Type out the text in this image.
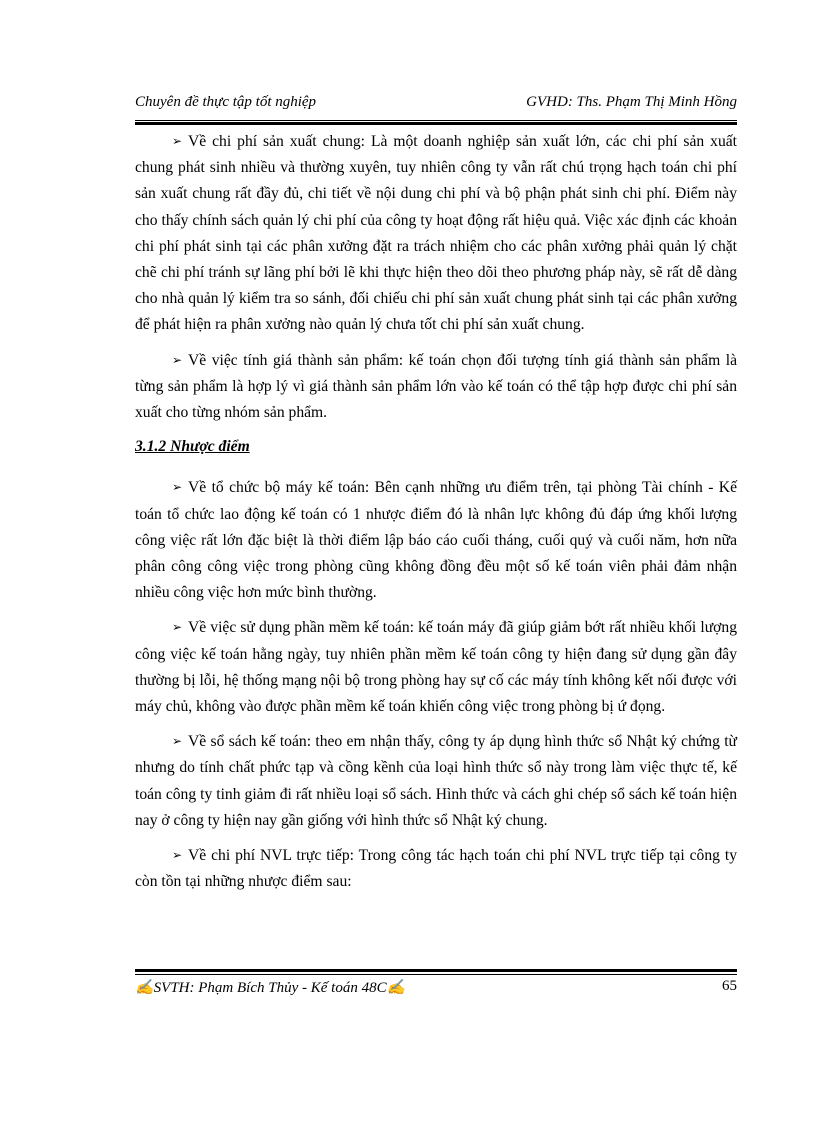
Chuyên đề thực tập tốt nghiệp	GVHD: Ths. Phạm Thị Minh Hồng

➢ Về chi phí sản xuất chung: Là một doanh nghiệp sản xuất lớn, các chi phí sản xuất chung phát sinh nhiều và thường xuyên, tuy nhiên công ty vẫn rất chú trọng hạch toán chi phí sản xuất chung rất đầy đủ, chi tiết về nội dung chi phí và bộ phận phát sinh chi phí. Điểm này cho thấy chính sách quản lý chi phí của công ty hoạt động rất hiệu quả. Việc xác định các khoản chi phí phát sinh tại các phân xưởng đặt ra trách nhiệm cho các phân xưởng phải quản lý chặt chẽ chi phí tránh sự lãng phí bởi lẽ khi thực hiện theo dõi theo phương pháp này, sẽ rất dễ dàng cho nhà quản lý kiểm tra so sánh, đối chiếu chi phí sản xuất chung phát sinh tại các phân xưởng để phát hiện ra phân xưởng nào quản lý chưa tốt chi phí sản xuất chung.

➢ Về việc tính giá thành sản phẩm: kế toán chọn đối tượng tính giá thành sản phẩm là từng sản phẩm là hợp lý vì giá thành sản phẩm lớn vào kế toán có thể tập hợp được chi phí sản xuất cho từng nhóm sản phẩm.

3.1.2 Nhược điểm

➢ Về tổ chức bộ máy kế toán: Bên cạnh những ưu điểm trên, tại phòng Tài chính - Kế toán tổ chức lao động kế toán có 1 nhược điểm đó là nhân lực không đủ đáp ứng khối lượng công việc rất lớn đặc biệt là thời điểm lập báo cáo cuối tháng, cuối quý và cuối năm, hơn nữa phân công công việc trong phòng cũng không đồng đều một số kế toán viên phải đảm nhận nhiều công việc hơn mức bình thường.

➢ Về việc sử dụng phần mềm kế toán: kế toán máy đã giúp giảm bớt rất nhiều khối lượng công việc kế toán hằng ngày, tuy nhiên phần mềm kế toán công ty hiện đang sử dụng gần đây thường bị lỗi, hệ thống mạng nội bộ trong phòng hay sự cố các máy tính không kết nối được với máy chủ, không vào được phần mềm kế toán khiến công việc trong phòng bị ứ đọng.

➢ Về sổ sách kế toán: theo em nhận thấy, công ty áp dụng hình thức sổ Nhật ký chứng từ nhưng do tính chất phức tạp và cồng kềnh của loại hình thức sổ này trong làm việc thực tế, kế toán công ty tinh giảm đi rất nhiều loại sổ sách. Hình thức và cách ghi chép sổ sách kế toán hiện nay ở công ty hiện nay gần giống với hình thức sổ Nhật ký chung.

➢ Về chi phí NVL trực tiếp: Trong công tác hạch toán chi phí NVL trực tiếp tại công ty còn tồn tại những nhược điểm sau:

✍SVTH: Phạm Bích Thủy - Kế toán 48C✍	65
